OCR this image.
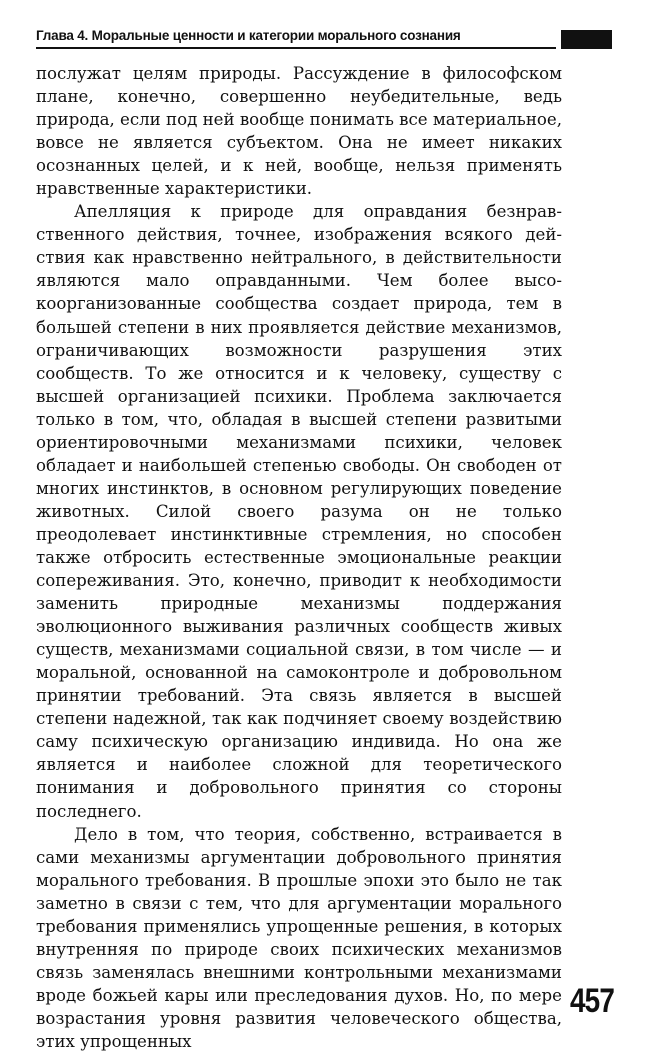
Глава 4. Моральные ценности и категории морального сознания

послужат целям природы. Рассуждение в философском плане, конечно, совершенно неубедительные, ведь природа, если под ней вообще понимать все материальное, вовсе не является субъектом. Она не имеет никаких осознанных целей, и к ней, вообще, нельзя применять нравственные характеристики.

Апелляция к природе для оправдания безнравственного действия, точнее, изображения всякого действия как нравственно нейтрального, в действительности являются мало оправданными. Чем более высокоорганизованные сообщества создает природа, тем в большей степени в них проявляется действие механизмов, ограничивающих возможности разрушения этих сообществ. То же относится и к человеку, существу с высшей организацией психики. Проблема заключается только в том, что, обладая в высшей степени развитыми ориентировочными механизмами психики, человек обладает и наибольшей степенью свободы. Он свободен от многих инстинктов, в основном регулирующих поведение животных. Силой своего разума он не только преодолевает инстинктивные стремления, но способен также отбросить естественные эмоциональные реакции сопереживания. Это, конечно, приводит к необходимости заменить природные механизмы поддержания эволюционного выживания различных сообществ живых существ, механизмами социальной связи, в том числе — и моральной, основанной на самоконтроле и добровольном принятии требований. Эта связь является в высшей степени надежной, так как подчиняет своему воздействию саму психическую организацию индивида. Но она же является и наиболее сложной для теоретического понимания и добровольного принятия со стороны последнего.

Дело в том, что теория, собственно, встраивается в сами механизмы аргументации добровольного принятия морального требования. В прошлые эпохи это было не так заметно в связи с тем, что для аргументации морального требования применялись упрощенные решения, в которых внутренняя по природе своих психических механизмов связь заменялась внешними контрольными механизмами вроде божьей кары или преследования духов. Но, по мере возрастания уровня развития человеческого общества, этих упрощенных

457
